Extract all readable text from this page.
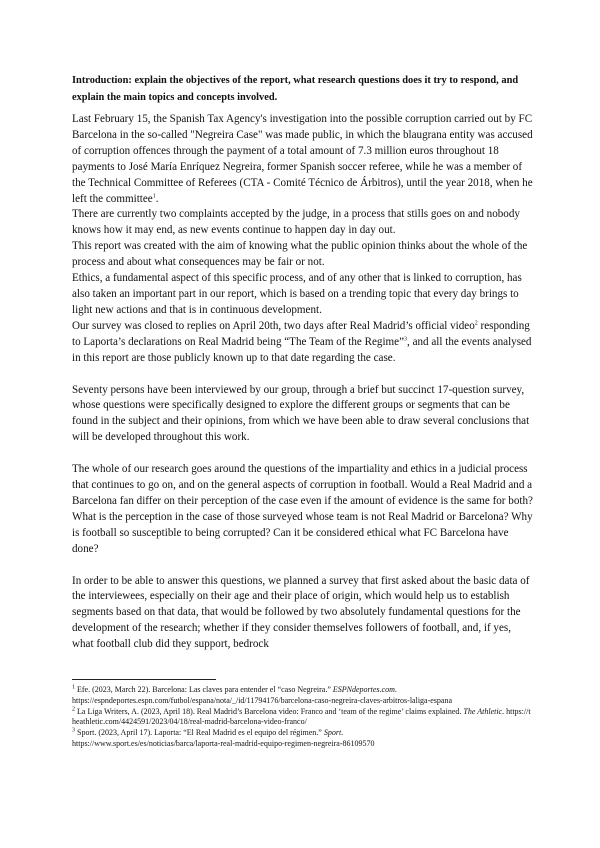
Introduction: explain the objectives of the report, what research questions does it try to respond, and explain the main topics and concepts involved.

Last February 15, the Spanish Tax Agency's investigation into the possible corruption carried out by FC Barcelona in the so-called "Negreira Case" was made public, in which the blaugrana entity was accused of corruption offences through the payment of a total amount of 7.3 million euros throughout 18 payments to José María Enríquez Negreira, former Spanish soccer referee, while he was a member of the Technical Committee of Referees (CTA - Comité Técnico de Árbitros), until the year 2018, when he left the committee$^1$.

There are currently two complaints accepted by the judge, in a process that stills goes on and nobody knows how it may end, as new events continue to happen day in day out.

This report was created with the aim of knowing what the public opinion thinks about the whole of the process and about what consequences may be fair or not.

Ethics, a fundamental aspect of this specific process, and of any other that is linked to corruption, has also taken an important part in our report, which is based on a trending topic that every day brings to light new actions and that is in continuous development.

Our survey was closed to replies on April 20th, two days after Real Madrid’s official video$^2$ responding to Laporta’s declarations on Real Madrid being “The Team of the Regime”$^3$, and all the events analysed in this report are those publicly known up to that date regarding the case.

Seventy persons have been interviewed by our group, through a brief but succinct 17-question survey, whose questions were specifically designed to explore the different groups or segments that can be found in the subject and their opinions, from which we have been able to draw several conclusions that will be developed throughout this work.

The whole of our research goes around the questions of the impartiality and ethics in a judicial process that continues to go on, and on the general aspects of corruption in football. Would a Real Madrid and a Barcelona fan differ on their perception of the case even if the amount of evidence is the same for both? What is the perception in the case of those surveyed whose team is not Real Madrid or Barcelona? Why is football so susceptible to being corrupted? Can it be considered ethical what FC Barcelona have done?

In order to be able to answer this questions, we planned a survey that first asked about the basic data of the interviewees, especially on their age and their place of origin, which would help us to establish segments based on that data, that would be followed by two absolutely fundamental questions for the development of the research; whether if they consider themselves followers of football, and, if yes, what football club did they support, bedrock

$^1$ Efe. (2023, March 22). Barcelona: Las claves para entender el “caso Negreira.” ESPNdeportes.com.
https://espndeportes.espn.com/futbol/espana/nota/_/id/11794176/barcelona-caso-negreira-claves-arbitros-laliga-espana

$^2$ La Liga Writers, A. (2023, April 18). Real Madrid’s Barcelona video: Franco and ‘team of the regime’ claims explained. The Athletic. https://theathletic.com/4424591/2023/04/18/real-madrid-barcelona-video-franco/

$^3$ Sport. (2023, April 17). Laporta: “El Real Madrid es el equipo del régimen.” Sport.
https://www.sport.es/es/noticias/barca/laporta-real-madrid-equipo-regimen-negreira-86109570
